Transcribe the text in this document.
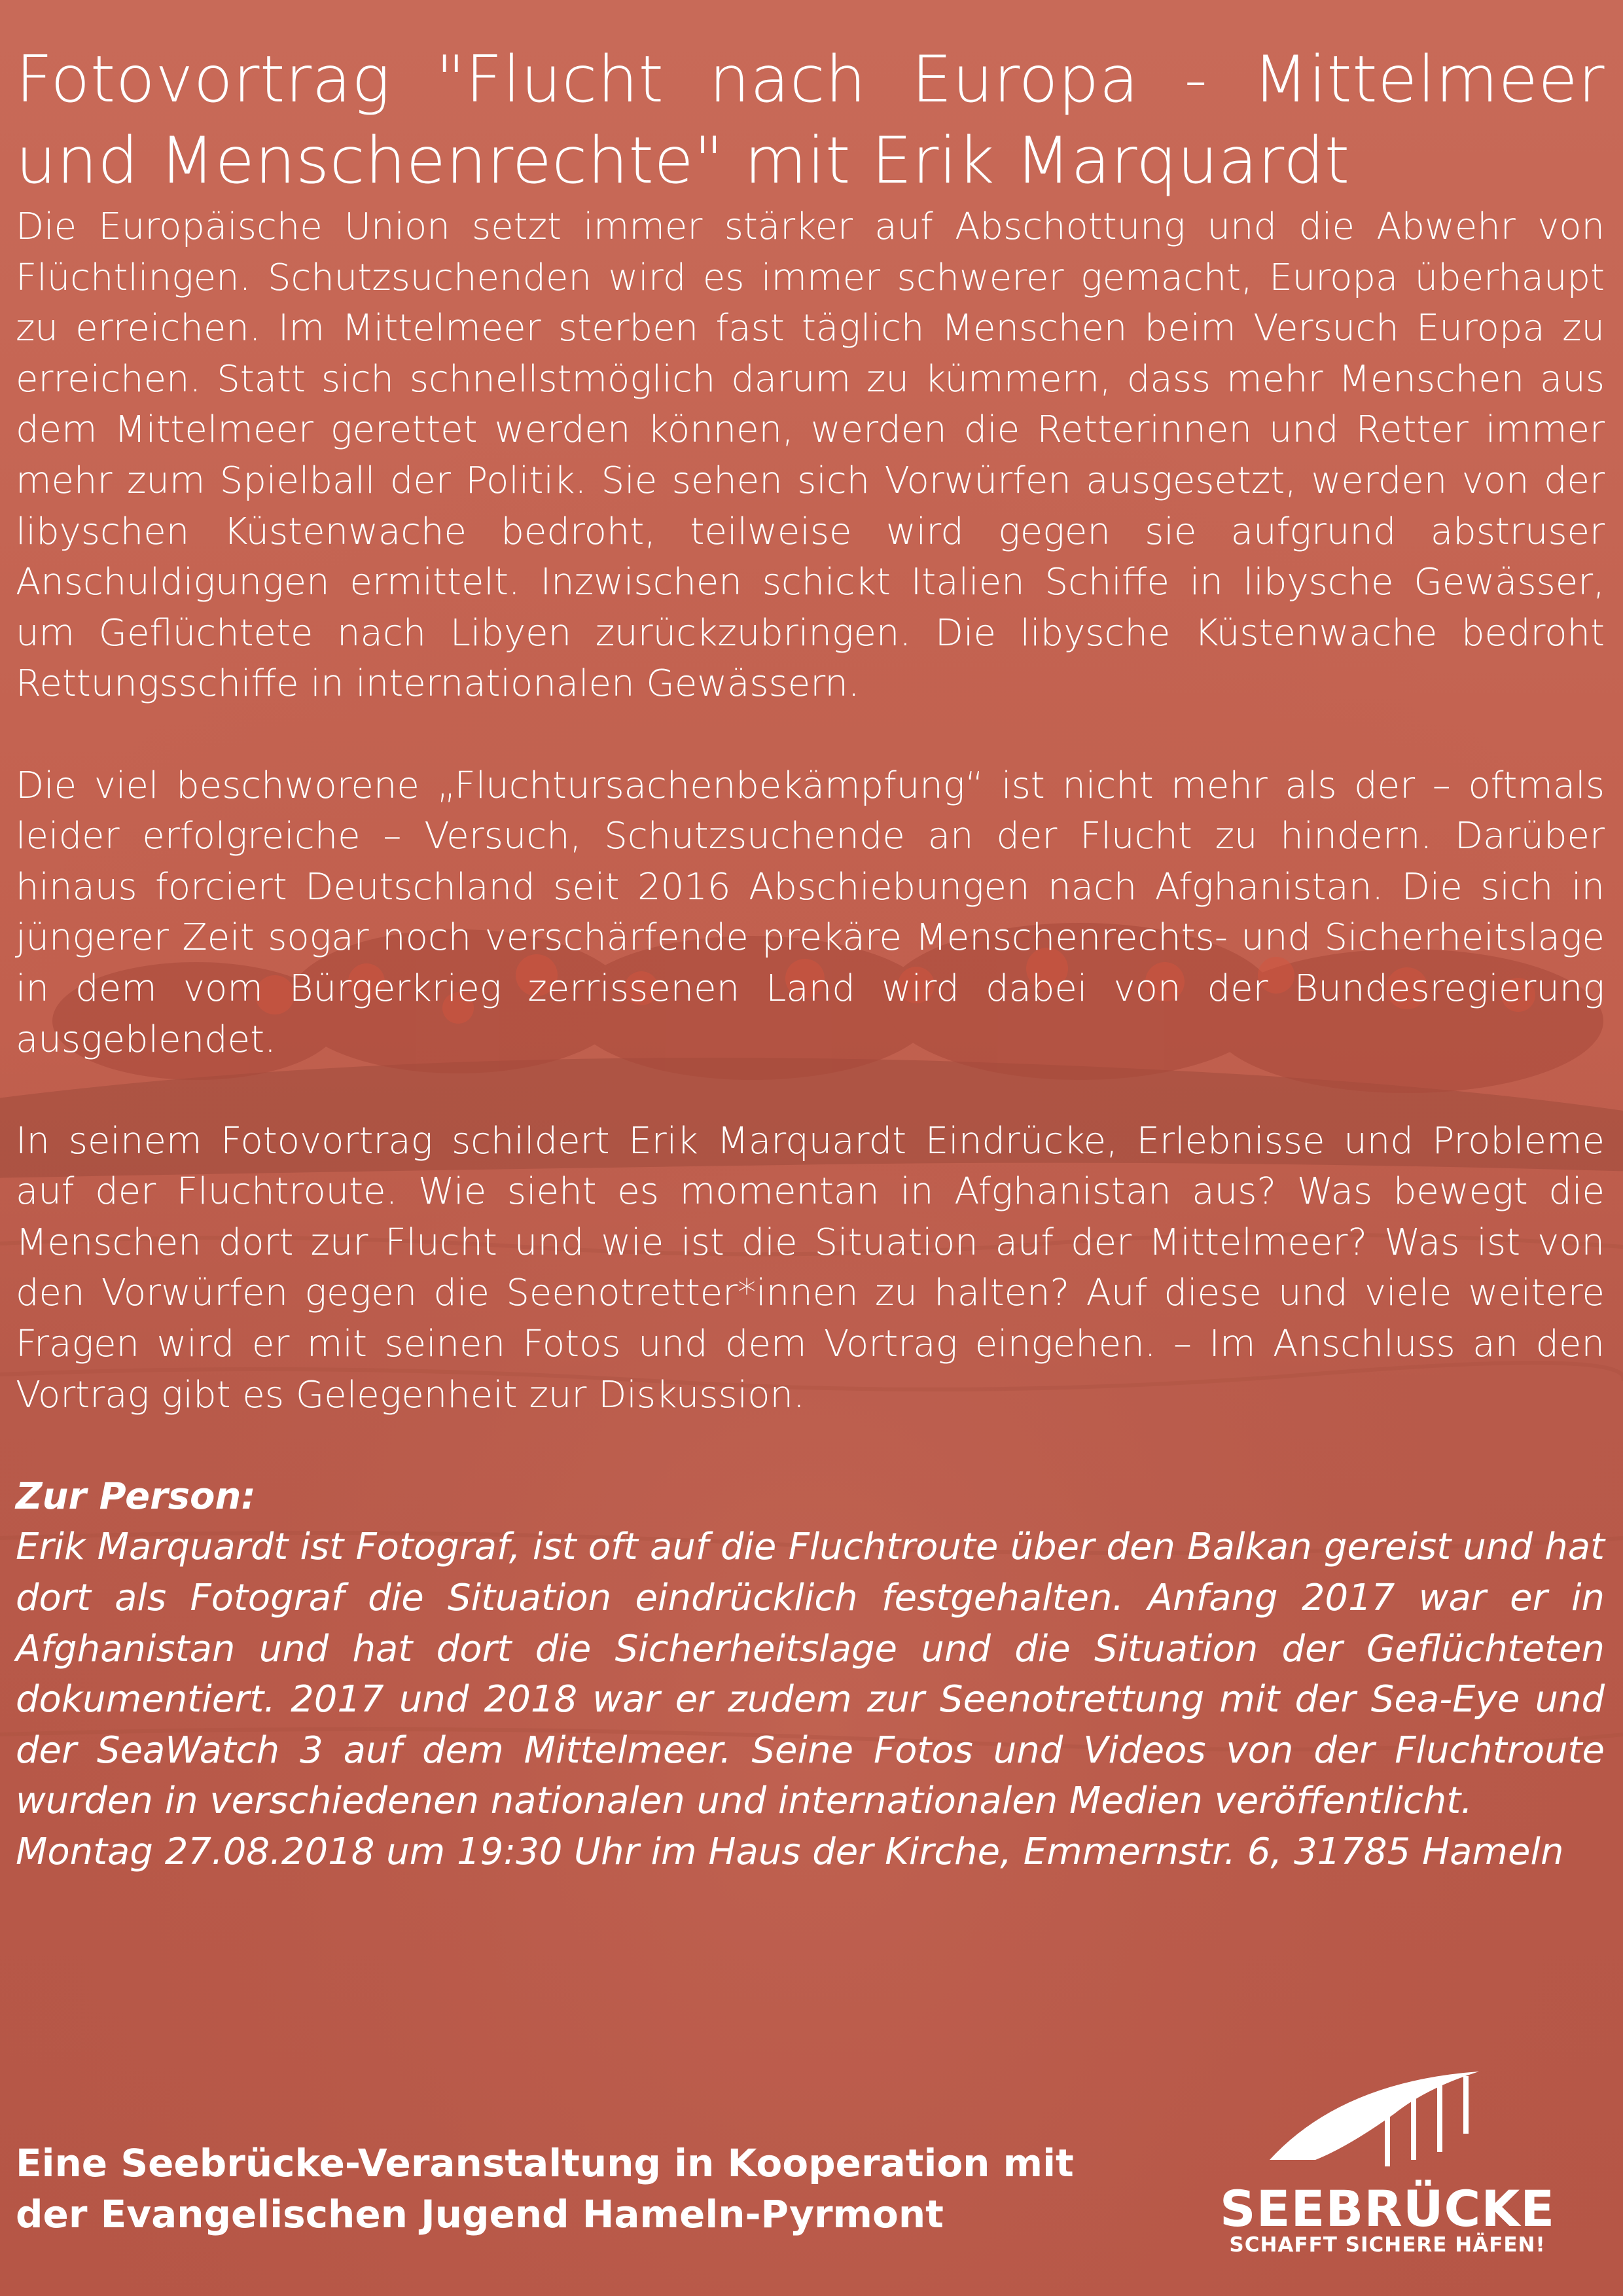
Fotovortrag "Flucht nach Europa - Mittelmeer und Menschenrechte" mit Erik Marquardt

Die Europäische Union setzt immer stärker auf Abschottung und die Abwehr von Flüchtlingen. Schutzsuchenden wird es immer schwerer gemacht, Europa überhaupt zu erreichen. Im Mittelmeer sterben fast täglich Menschen beim Versuch Europa zu erreichen. Statt sich schnellstmöglich darum zu kümmern, dass mehr Menschen aus dem Mittelmeer gerettet werden können, werden die Retterinnen und Retter immer mehr zum Spielball der Politik. Sie sehen sich Vorwürfen ausgesetzt, werden von der libyschen Küstenwache bedroht, teilweise wird gegen sie aufgrund abstruser Anschuldigungen ermittelt. Inzwischen schickt Italien Schiffe in libysche Gewässer, um Geflüchtete nach Libyen zurückzubringen. Die libysche Küstenwache bedroht Rettungsschiffe in internationalen Gewässern.

Die viel beschworene „Fluchtursachenbekämpfung“ ist nicht mehr als der – oftmals leider erfolgreiche – Versuch, Schutzsuchende an der Flucht zu hindern. Darüber hinaus forciert Deutschland seit 2016 Abschiebungen nach Afghanistan. Die sich in jüngerer Zeit sogar noch verschärfende prekäre Menschenrechts- und Sicherheitslage in dem vom Bürgerkrieg zerrissenen Land wird dabei von der Bundesregierung ausgeblendet.

In seinem Fotovortrag schildert Erik Marquardt Eindrücke, Erlebnisse und Probleme auf der Fluchtroute. Wie sieht es momentan in Afghanistan aus? Was bewegt die Menschen dort zur Flucht und wie ist die Situation auf der Mittelmeer? Was ist von den Vorwürfen gegen die Seenotretter*innen zu halten? Auf diese und viele weitere Fragen wird er mit seinen Fotos und dem Vortrag eingehen. – Im Anschluss an den Vortrag gibt es Gelegenheit zur Diskussion.

Zur Person:

Erik Marquardt ist Fotograf, ist oft auf die Fluchtroute über den Balkan gereist und hat dort als Fotograf die Situation eindrücklich festgehalten. Anfang 2017 war er in Afghanistan und hat dort die Sicherheitslage und die Situation der Geflüchteten dokumentiert. 2017 und 2018 war er zudem zur Seenotrettung mit der Sea-Eye und der SeaWatch 3 auf dem Mittelmeer. Seine Fotos und Videos von der Fluchtroute wurden in verschiedenen nationalen und internationalen Medien veröffentlicht.

Montag 27.08.2018 um 19:30 Uhr im Haus der Kirche, Emmernstr. 6, 31785 Hameln

Eine Seebrücke-Veranstaltung in Kooperation mit
der Evangelischen Jugend Hameln-Pyrmont	SEEBRÜCKE
SCHAFFT SICHERE HÄFEN!
